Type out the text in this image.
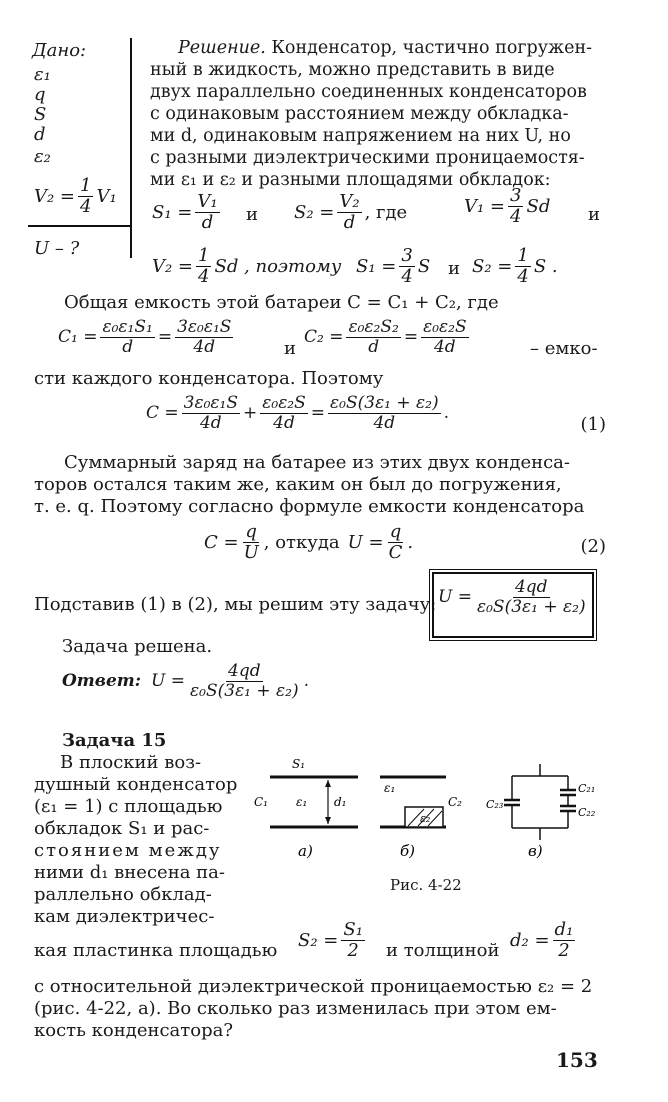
Дано:
ε₁
q
S
d
ε₂
$V_2 = \frac{1}{4} V_1$
U – ?
Решение. Конденсатор, частично погружен-
ный в жидкость, можно представить в виде
двух параллельно соединенных конденсаторов
с одинаковым расстоянием между обкладка-
ми d, одинаковым напряжением на них U, но
с разными диэлектрическими проницаемостя-
ми ε₁ и ε₂ и разными площадями обкладок:
$S_1 = \frac{\text{V₁}}{d}$ и $S_2 = \frac{\text{V₂}}{d}$ , где	$V_1 = \frac{3}{4}$ Sd и
$V_2 = \frac{1}{4}$ Sd , поэтому $S_1 = \frac{3}{4}$ S и $S_2 = \frac{1}{4}$ S .
Общая емкость этой батареи C = C₁ + C₂, где
$C_1 = \frac{\text{ε₀ε₁S₁}}{d} = \frac{\text{3ε₀ε₁S}}{4d}$	и
$C_2 = \frac{\text{ε₀ε₂S₂}}{d} = \frac{\text{ε₀ε₂S}}{4d}$	– емко-
сти каждого конденсатора. Поэтому
$C = \frac{\text{3ε₀ε₁S}}{4d} + \frac{\text{ε₀ε₂S}}{4d} = \frac{\text{ε₀S(3ε₁ + ε₂)}}{4d}$ .
(1)
Суммарный заряд на батарее из этих двух конденса-
торов остался таким же, каким он был до погружения,
т. е. q. Поэтому согласно формуле емкости конденсатора
$C = \frac{q}{U}$ , откуда $U = \frac{q}{C}$ .	(2)
Подставив (1) в (2), мы решим эту задачу: $U = \frac{4qd}{\text{ε₀S(3ε₁ + ε₂)}}$
Задача решена.
Ответ: $U = \frac{4qd}{\text{ε₀S(3ε₁ + ε₂)}}$ .
Задача 15
В плоский воз-
душный конденсатор
(ε₁ = 1) с площадью
обкладок S₁ и рас-
стоянием между
ними d₁ внесена па-
раллельно обклад-
кам диэлектричес-
S₁
C₁ ε₁ d₁
а)
ε₁
ε₂
C₂
б)
C₂₃
C₂₁
C₂₂
в)
Рис. 4-22
кая пластинка площадью $S_2 = \frac{\text{S₁}}{2}$ и толщиной $d_2 = \frac{\text{d₁}}{2}$
с относительной диэлектрической проницаемостью ε₂ = 2
(рис. 4-22, а). Во сколько раз изменилась при этом ем-
кость конденсатора?
153
